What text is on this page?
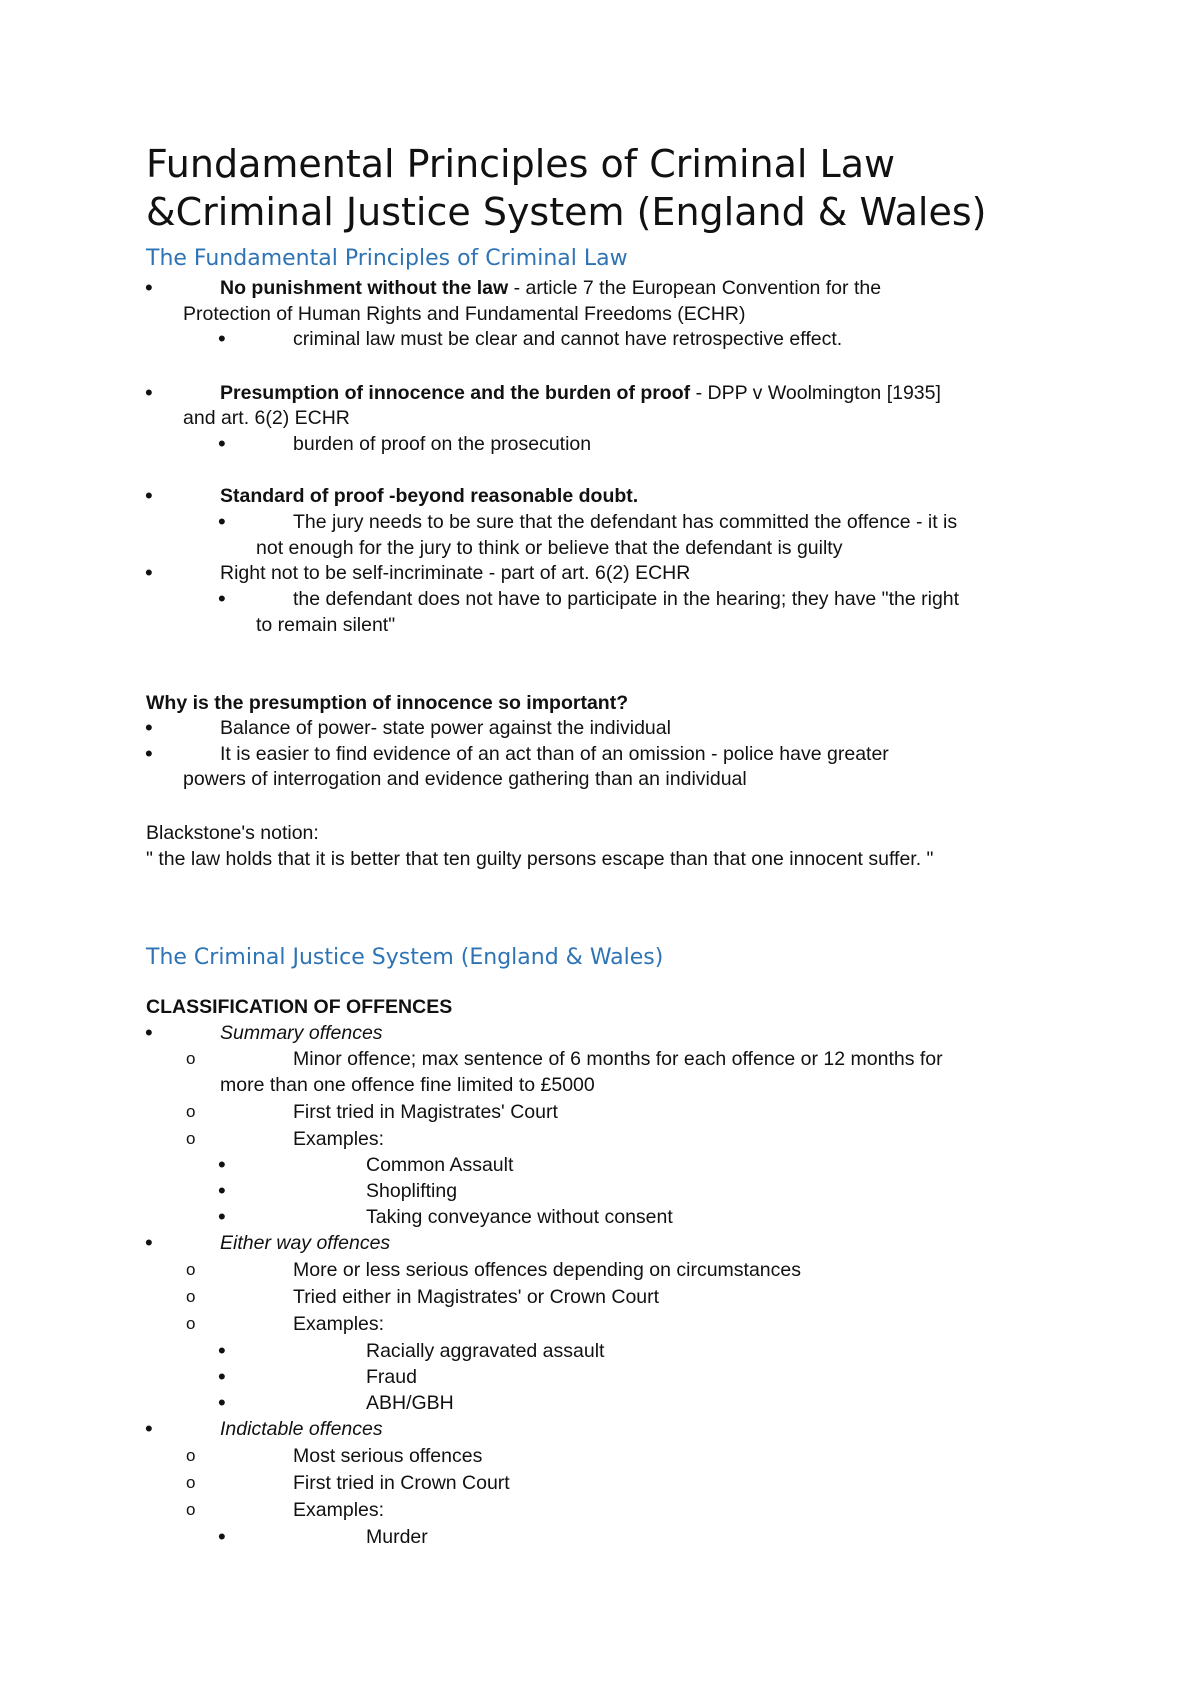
Fundamental Principles of Criminal Law
&Criminal Justice System (England & Wales)
The Fundamental Principles of Criminal Law
•
No punishment without the law - article 7 the European Convention for the
Protection of Human Rights and Fundamental Freedoms (ECHR)
•
criminal law must be clear and cannot have retrospective effect.
•
Presumption of innocence and the burden of proof - DPP v Woolmington [1935]
and art. 6(2) ECHR
•
burden of proof on the prosecution
•
Standard of proof -beyond reasonable doubt.
•
The jury needs to be sure that the defendant has committed the offence - it is
not enough for the jury to think or believe that the defendant is guilty
•
Right not to be self-incriminate - part of art. 6(2) ECHR
•
the defendant does not have to participate in the hearing; they have "the right
to remain silent"
Why is the presumption of innocence so important?
•
Balance of power- state power against the individual
•
It is easier to find evidence of an act than of an omission - police have greater
powers of interrogation and evidence gathering than an individual
Blackstone's notion:
" the law holds that it is better that ten guilty persons escape than that one innocent suffer. "
The Criminal Justice System (England & Wales)
CLASSIFICATION OF OFFENCES
•
Summary offences
o
Minor offence; max sentence of 6 months for each offence or 12 months for
more than one offence fine limited to £5000
o
First tried in Magistrates' Court
o
Examples:
•
Common Assault
•
Shoplifting
•
Taking conveyance without consent
•
Either way offences
o
More or less serious offences depending on circumstances
o
Tried either in Magistrates' or Crown Court
o
Examples:
•
Racially aggravated assault
•
Fraud
•
ABH/GBH
•
Indictable offences
o
Most serious offences
o
First tried in Crown Court
o
Examples:
•
Murder
